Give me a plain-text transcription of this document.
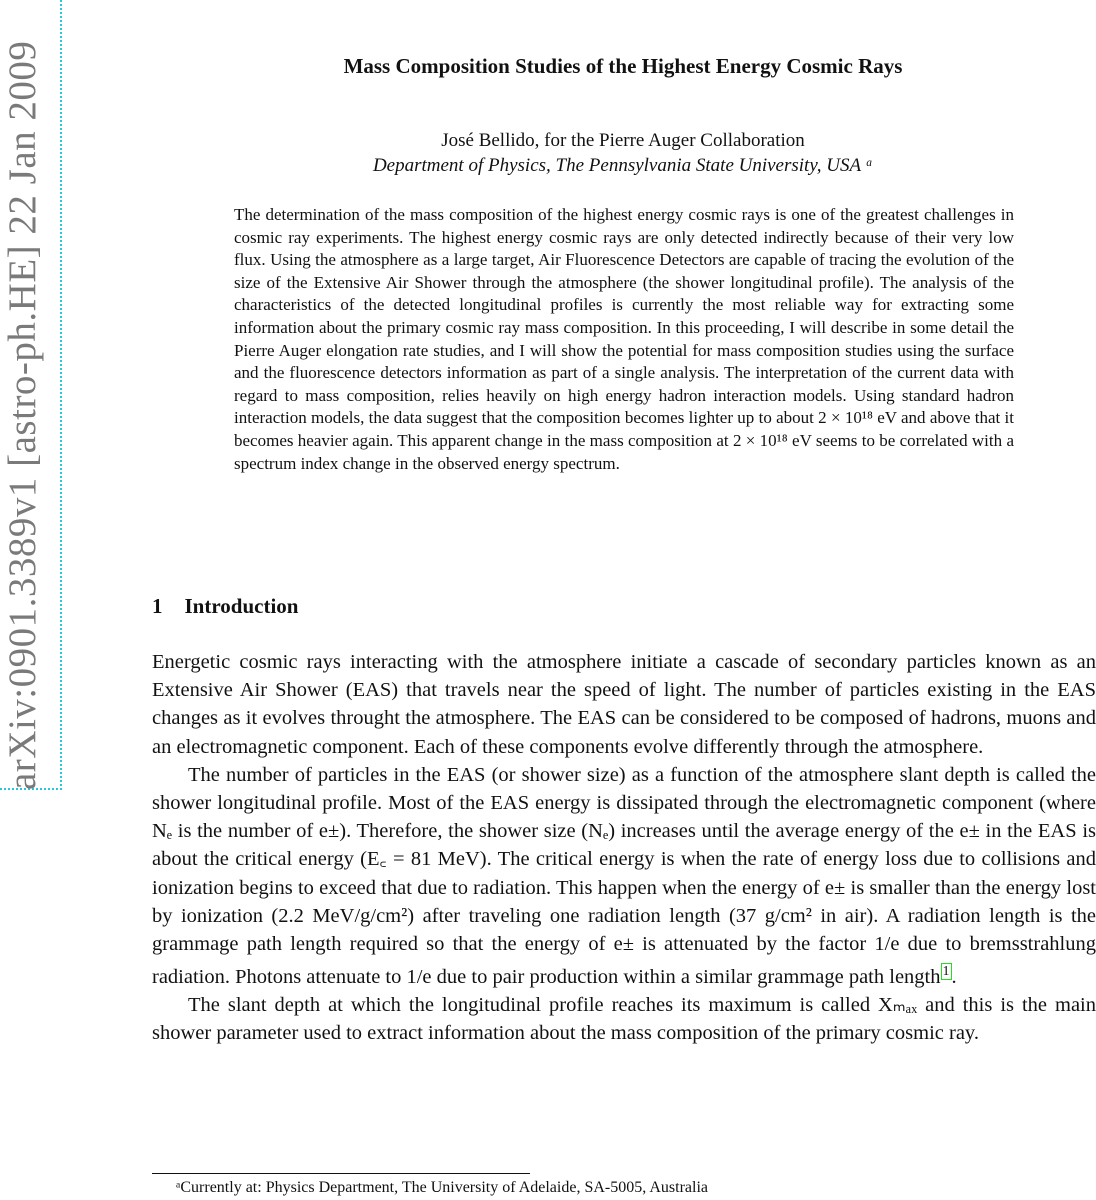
arXiv:0901.3389v1 [astro-ph.HE] 22 Jan 2009	Mass Composition Studies of the Highest Energy Cosmic Rays
José Bellido, for the Pierre Auger Collaboration
Department of Physics, The Pennsylvania State University, USA ᵃ
The determination of the mass composition of the highest energy cosmic rays is one of the greatest challenges in cosmic ray experiments. The highest energy cosmic rays are only detected indirectly because of their very low flux. Using the atmosphere as a large target, Air Fluorescence Detectors are capable of tracing the evolution of the size of the Extensive Air Shower through the atmosphere (the shower longitudinal profile). The analysis of the characteristics of the detected longitudinal profiles is currently the most reliable way for extracting some information about the primary cosmic ray mass composition. In this proceeding, I will describe in some detail the Pierre Auger elongation rate studies, and I will show the potential for mass composition studies using the surface and the fluorescence detectors information as part of a single analysis. The interpretation of the current data with regard to mass composition, relies heavily on high energy hadron interaction models. Using standard hadron interaction models, the data suggest that the composition becomes lighter up to about 2 × 10¹⁸ eV and above that it becomes heavier again. This apparent change in the mass composition at 2 × 10¹⁸ eV seems to be correlated with a spectrum index change in the observed energy spectrum.
1 Introduction

Energetic cosmic rays interacting with the atmosphere initiate a cascade of secondary particles known as an Extensive Air Shower (EAS) that travels near the speed of light. The number of particles existing in the EAS changes as it evolves throught the atmosphere. The EAS can be considered to be composed of hadrons, muons and an electromagnetic component. Each of these components evolve differently through the atmosphere.

The number of particles in the EAS (or shower size) as a function of the atmosphere slant depth is called the shower longitudinal profile. Most of the EAS energy is dissipated through the electromagnetic component (where Nₑ is the number of e±). Therefore, the shower size (Nₑ) increases until the average energy of the e± in the EAS is about the critical energy (E꜀ = 81 MeV). The critical energy is when the rate of energy loss due to collisions and ionization begins to exceed that due to radiation. This happen when the energy of e± is smaller than the energy lost by ionization (2.2 MeV/g/cm²) after traveling one radiation length (37 g/cm² in air). A radiation length is the grammage path length required so that the energy of e± is attenuated by the factor 1/e due to bremsstrahlung radiation. Photons attenuate to 1/e due to pair production within a similar grammage path length $^1$.

The slant depth at which the longitudinal profile reaches its maximum is called Xₘₐₓ and this is the main shower parameter used to extract information about the mass composition of the primary cosmic ray.

ᵃCurrently at: Physics Department, The University of Adelaide, SA-5005, Australia
